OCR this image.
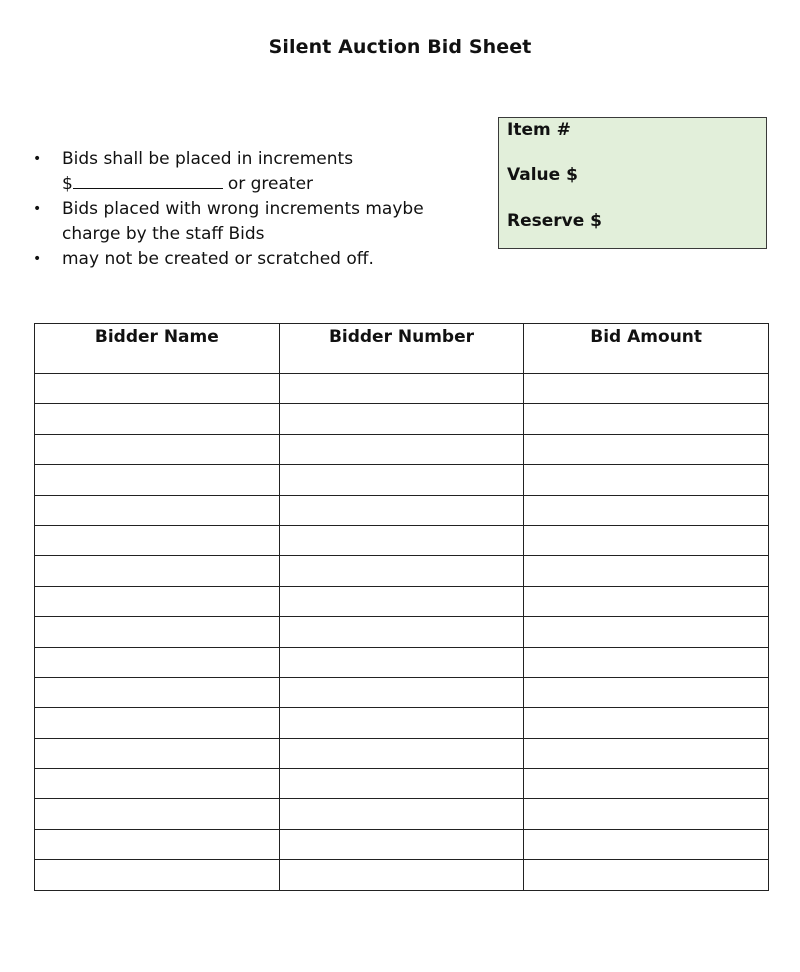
Silent Auction Bid Sheet
• Bids shall be placed in increments
$	or greater
• Bids placed with wrong increments maybe charge by the staff Bids
• may not be created or scratched off.
Item #
Value $
Reserve $
Bidder Name	Bidder Number	Bid Amount
